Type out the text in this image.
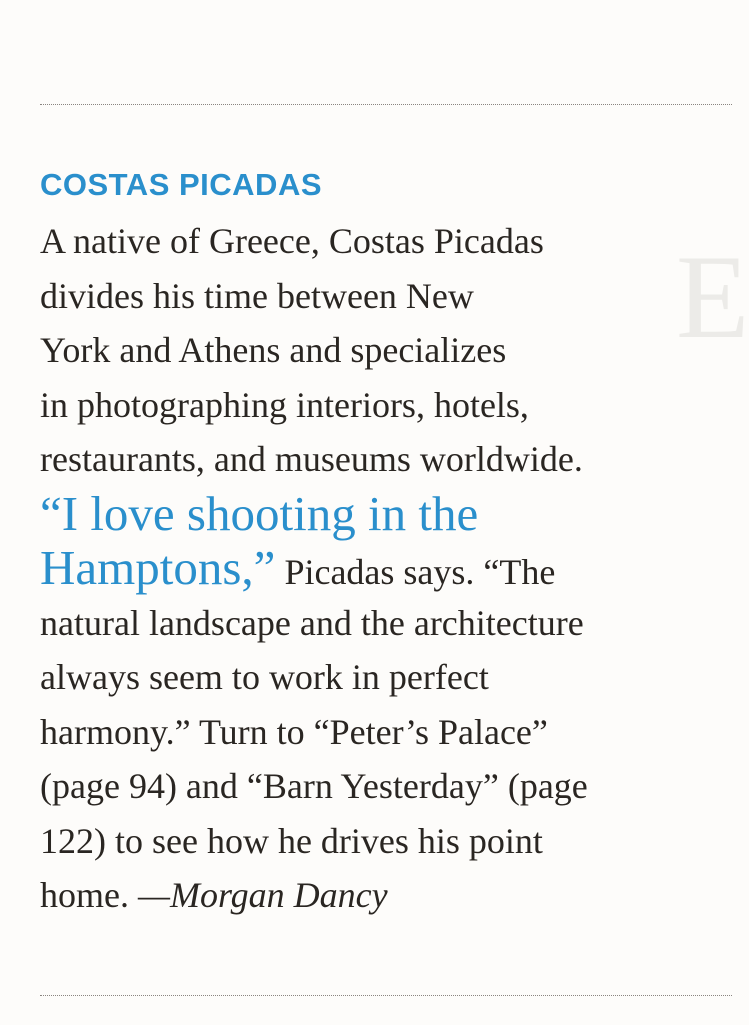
E
COSTAS PICADAS
A native of Greece, Costas Picadas
divides his time between New
York and Athens and specializes
in photographing interiors, hotels,
restaurants, and museums worldwide.
“I love shooting in the
Hamptons,” Picadas says. “The
natural landscape and the architecture
always seem to work in perfect
harmony.” Turn to “Peter’s Palace”
(page 94) and “Barn Yesterday” (page
122) to see how he drives his point
home. —Morgan Dancy
